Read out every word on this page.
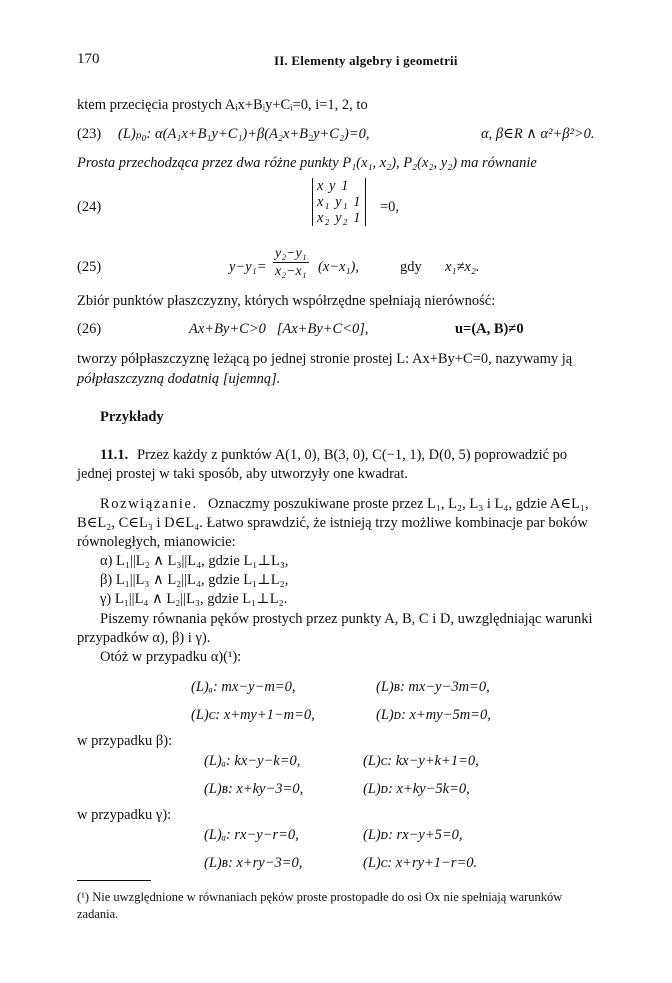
170	II. Elementy algebry i geometrii
ktem przecięcia prostych Aᵢx+Bᵢy+Cᵢ=0, i=1, 2, to
(23) (L)ₚ₀: α(A₁x+B₁y+C₁)+β(A₂x+B₂y+C₂)=0,	α, β∈R ∧ α²+β²>0.
Prosta przechodząca przez dwa różne punkty P₁(x₁, x₂), P₂(x₂, y₂) ma równanie
(24)
x y 1
x₁ y₁ 1
x₂ y₂ 1
=0,
(25)	$y-y_1= \frac{\text{y₂−y₁}}{\text{x₂−x₁}} (x-x_1)$,	gdy x₁≠x₂.
Zbiór punktów płaszczyzny, których współrzędne spełniają nierówność:
(26)	Ax+By+C>0   [Ax+By+C<0],	u=(A, B)≠0
tworzy półpłaszczyznę leżącą po jednej stronie prostej L: Ax+By+C=0, nazywamy ją
półpłaszczyzną dodatnią [ujemną].
Przykłady
11.1. Przez każdy z punktów A(1, 0), B(3, 0), C(−1, 1), D(0, 5) poprowadzić po
jednej prostej w taki sposób, aby utworzyły one kwadrat.
Rozwiązanie. Oznaczmy poszukiwane proste przez L₁, L₂, L₃ i L₄, gdzie A∈L₁,
B∈L₂, C∈L₃ i D∈L₄. Łatwo sprawdzić, że istnieją trzy możliwe kombinacje par boków
równoległych, mianowicie:
α) L₁||L₂ ∧ L₃||L₄, gdzie L₁⊥L₃,
β) L₁||L₃ ∧ L₂||L₄, gdzie L₁⊥L₂,
γ) L₁||L₄ ∧ L₂||L₃, gdzie L₁⊥L₂.
Piszemy równania pęków prostych przez punkty A, B, C i D, uwzględniając warunki
przypadków α), β) i γ).
Otóż w przypadku α)(¹):
(L)ₐ: mx−y−m=0,	(L)ʙ: mx−y−3m=0,
(L)ᴄ: x+my+1−m=0,	(L)ᴅ: x+my−5m=0,
w przypadku β):
(L)ₐ: kx−y−k=0,	(L)ᴄ: kx−y+k+1=0,
(L)ʙ: x+ky−3=0,	(L)ᴅ: x+ky−5k=0,
w przypadku γ):
(L)ₐ: rx−y−r=0,	(L)ᴅ: rx−y+5=0,
(L)ʙ: x+ry−3=0,	(L)ᴄ: x+ry+1−r=0.
(¹) Nie uwzględnione w równaniach pęków proste prostopadłe do osi Ox nie spełniają warunków
zadania.
